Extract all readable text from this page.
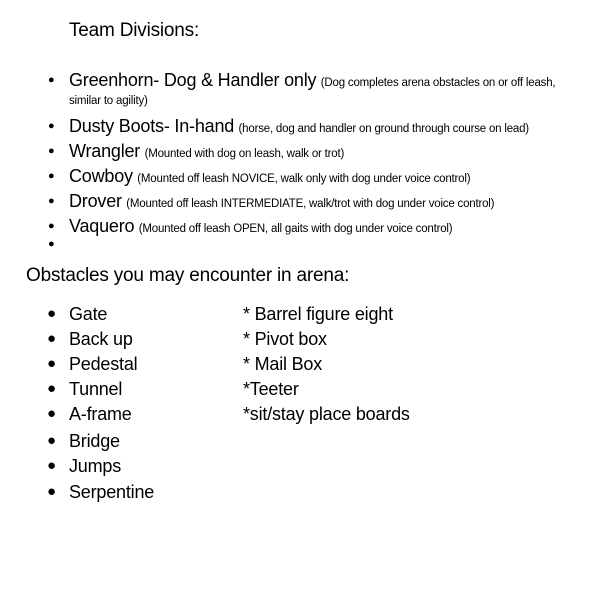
Team Divisions:
● Greenhorn- Dog & Handler only (Dog completes arena obstacles on or off leash,
similar to agility)
● Dusty Boots- In-hand (horse, dog and handler on ground through course on lead)
● Wrangler (Mounted with dog on leash, walk or trot)
● Cowboy (Mounted off leash NOVICE, walk only with dog under voice control)
● Drover (Mounted off leash INTERMEDIATE, walk/trot with dog under voice control)
● Vaquero (Mounted off leash OPEN, all gaits with dog under voice control)
●
Obstacles you may encounter in arena:
● Gate	* Barrel figure eight
● Back up	* Pivot box
● Pedestal	* Mail Box
● Tunnel	*Teeter
● A-frame	*sit/stay place boards
● Bridge
● Jumps
● Serpentine
